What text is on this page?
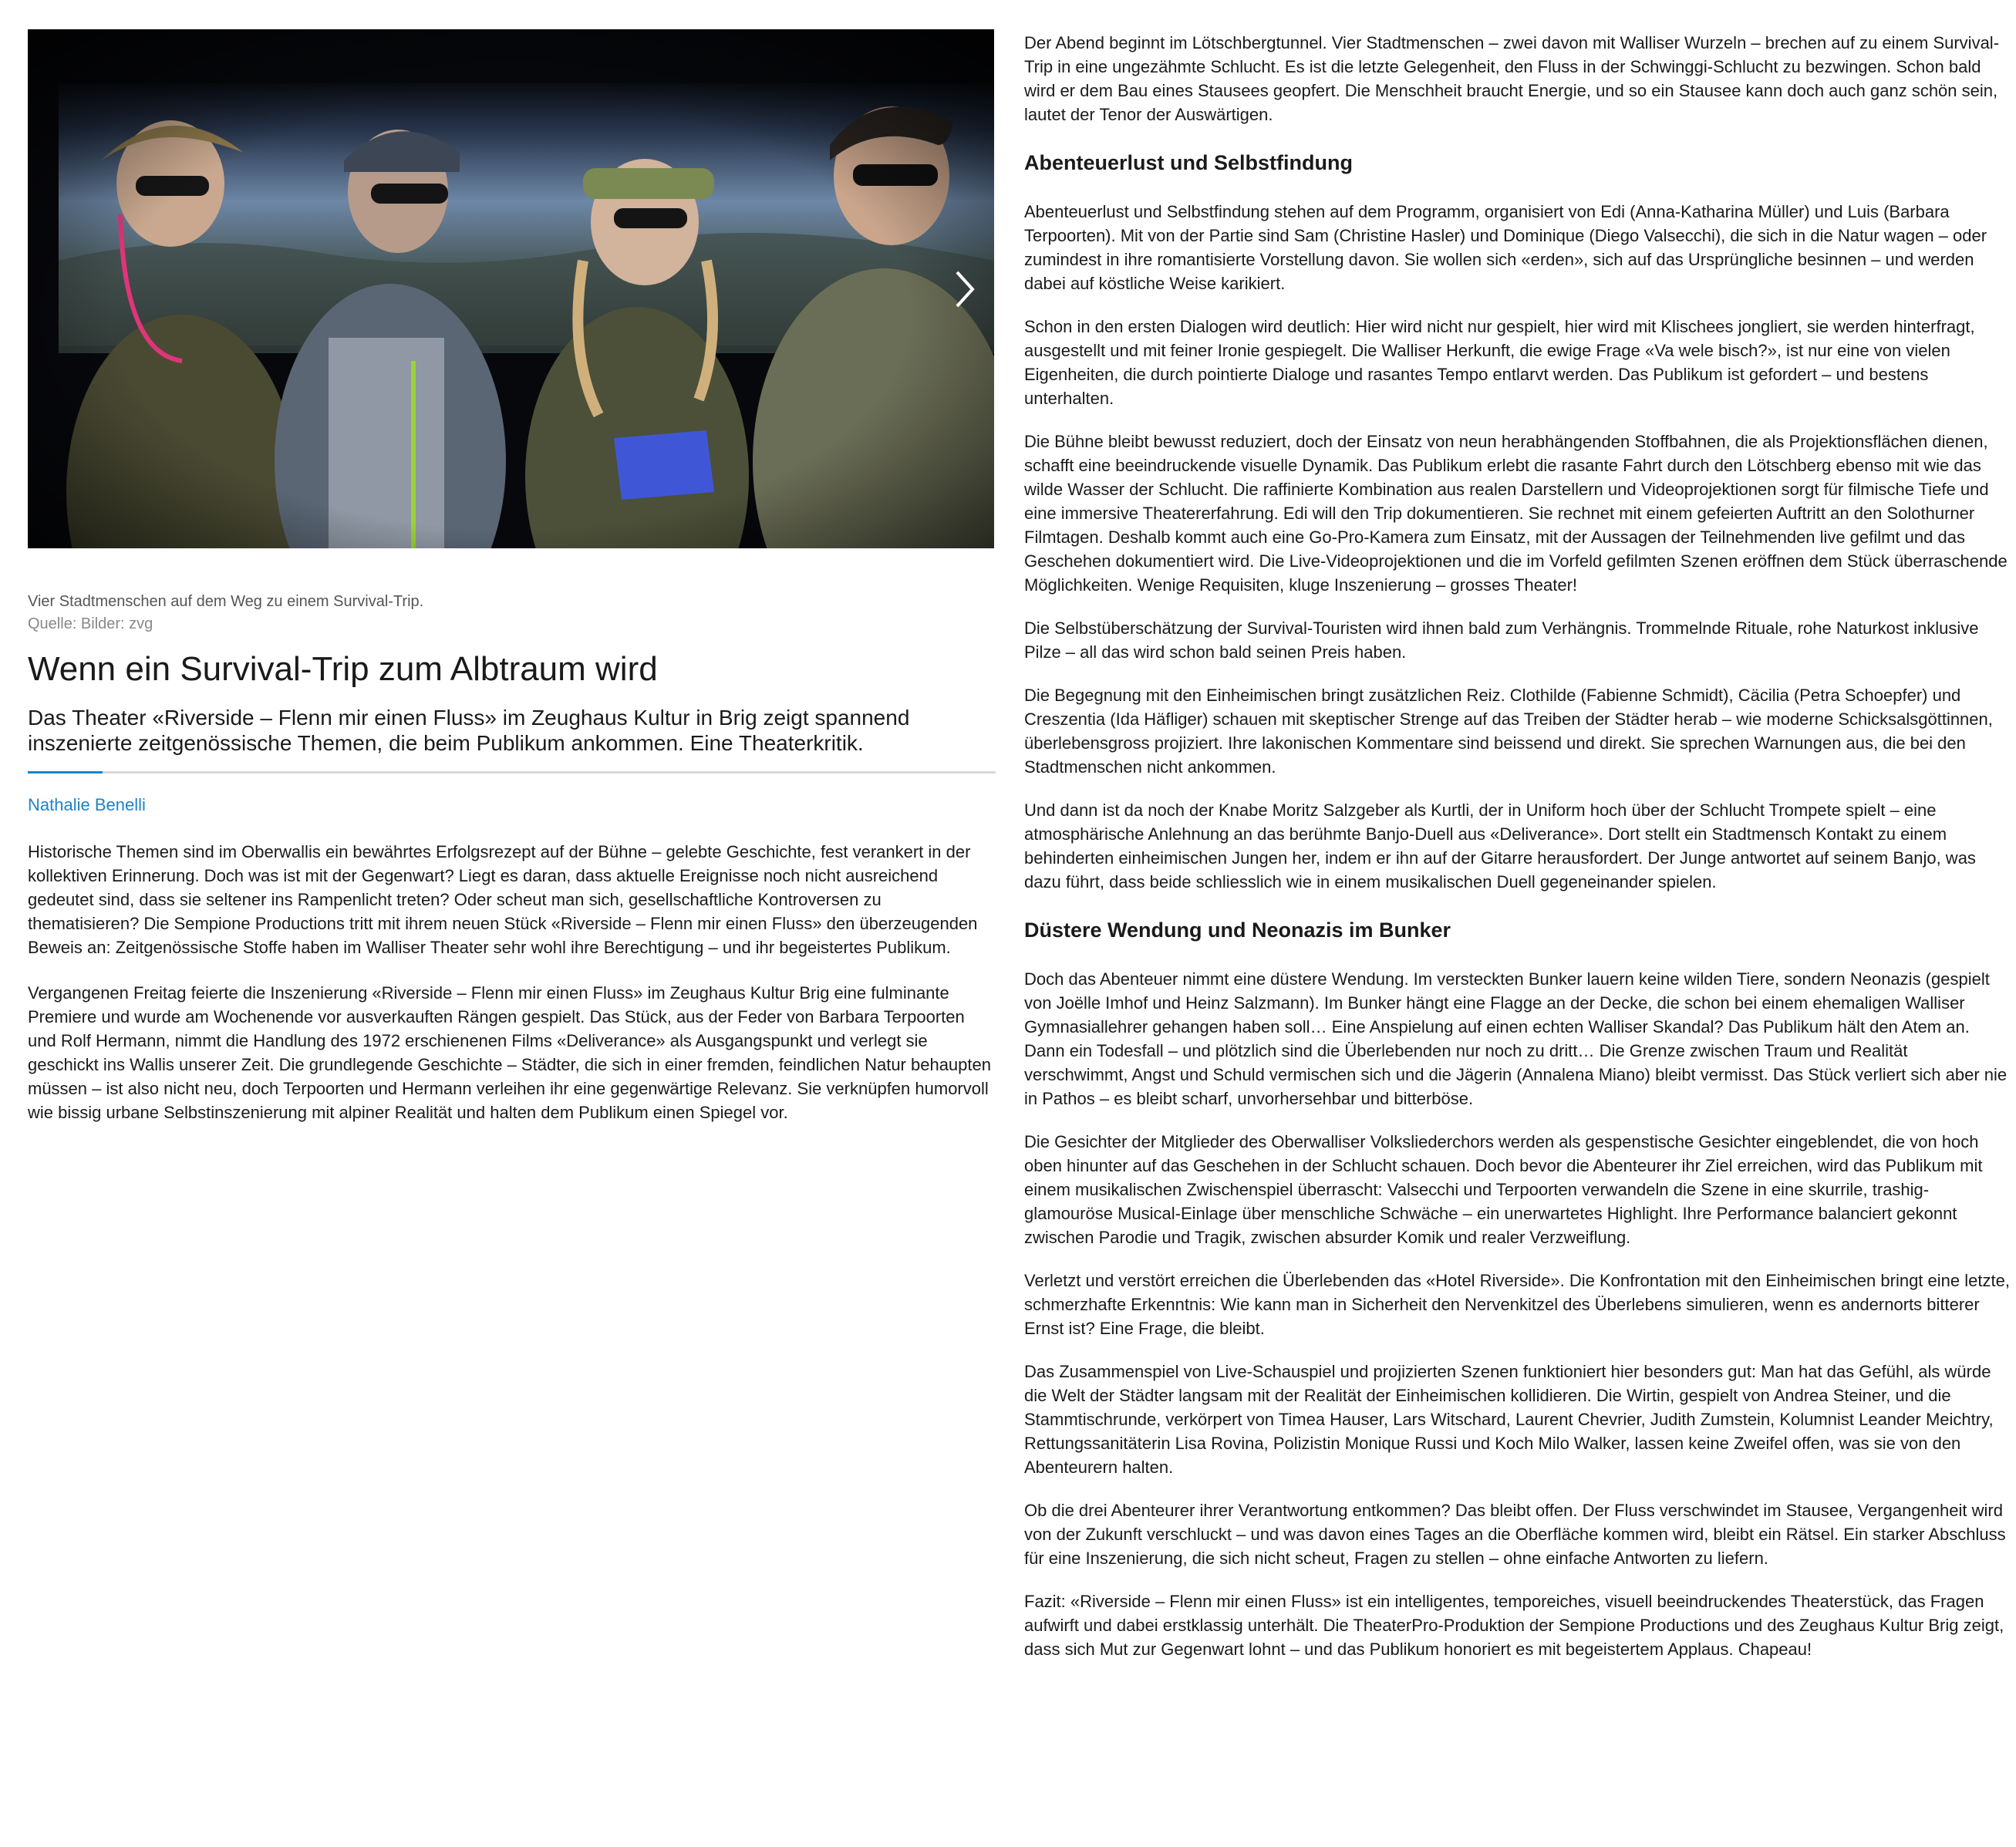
Vier Stadtmenschen auf dem Weg zu einem Survival-Trip.
Quelle: Bilder: zvg
Wenn ein Survival-Trip zum Albtraum wird
Das Theater «Riverside – Flenn mir einen Fluss» im Zeughaus Kultur in Brig zeigt spannend inszenierte zeitgenössische Themen, die beim Publikum ankommen. Eine Theaterkritik.
Nathalie Benelli

Historische Themen sind im Oberwallis ein bewährtes Erfolgsrezept auf der Bühne – gelebte Geschichte, fest verankert in der kollektiven Erinnerung. Doch was ist mit der Gegenwart? Liegt es daran, dass aktuelle Ereignisse noch nicht ausreichend gedeutet sind, dass sie seltener ins Rampenlicht treten? Oder scheut man sich, gesellschaftliche Kontroversen zu thematisieren? Die Sempione Productions tritt mit ihrem neuen Stück «Riverside – Flenn mir einen Fluss» den überzeugenden Beweis an: Zeitgenössische Stoffe haben im Walliser Theater sehr wohl ihre Berechtigung – und ihr begeistertes Publikum.

Vergangenen Freitag feierte die Inszenierung «Riverside – Flenn mir einen Fluss» im Zeughaus Kultur Brig eine fulminante Premiere und wurde am Wochenende vor ausverkauften Rängen gespielt. Das Stück, aus der Feder von Barbara Terpoorten und Rolf Hermann, nimmt die Handlung des 1972 erschienenen Films «Deliverance» als Ausgangspunkt und verlegt sie geschickt ins Wallis unserer Zeit. Die grundlegende Geschichte – Städter, die sich in einer fremden, feindlichen Natur behaupten müssen – ist also nicht neu, doch Terpoorten und Hermann verleihen ihr eine gegenwärtige Relevanz. Sie verknüpfen humorvoll wie bissig urbane Selbstinszenierung mit alpiner Realität und halten dem Publikum einen Spiegel vor.

Der Abend beginnt im Lötschbergtunnel. Vier Stadtmenschen – zwei davon mit Walliser Wurzeln – brechen auf zu einem Survival-Trip in eine ungezähmte Schlucht. Es ist die letzte Gelegenheit, den Fluss in der Schwinggi-Schlucht zu bezwingen. Schon bald wird er dem Bau eines Stausees geopfert. Die Menschheit braucht Energie, und so ein Stausee kann doch auch ganz schön sein, lautet der Tenor der Auswärtigen.

Abenteuerlust und Selbstfindung

Abenteuerlust und Selbstfindung stehen auf dem Programm, organisiert von Edi (Anna-Katharina Müller) und Luis (Barbara Terpoorten). Mit von der Partie sind Sam (Christine Hasler) und Dominique (Diego Valsecchi), die sich in die Natur wagen – oder zumindest in ihre romantisierte Vorstellung davon. Sie wollen sich «erden», sich auf das Ursprüngliche besinnen – und werden dabei auf köstliche Weise karikiert.

Schon in den ersten Dialogen wird deutlich: Hier wird nicht nur gespielt, hier wird mit Klischees jongliert, sie werden hinterfragt, ausgestellt und mit feiner Ironie gespiegelt. Die Walliser Herkunft, die ewige Frage «Va wele bisch?», ist nur eine von vielen Eigenheiten, die durch pointierte Dialoge und rasantes Tempo entlarvt werden. Das Publikum ist gefordert – und bestens unterhalten.

Die Bühne bleibt bewusst reduziert, doch der Einsatz von neun herabhängenden Stoffbahnen, die als Projektionsflächen dienen, schafft eine beeindruckende visuelle Dynamik. Das Publikum erlebt die rasante Fahrt durch den Lötschberg ebenso mit wie das wilde Wasser der Schlucht. Die raffinierte Kombination aus realen Darstellern und Videoprojektionen sorgt für filmische Tiefe und eine immersive Theatererfahrung. Edi will den Trip dokumentieren. Sie rechnet mit einem gefeierten Auftritt an den Solothurner Filmtagen. Deshalb kommt auch eine Go-Pro-Kamera zum Einsatz, mit der Aussagen der Teilnehmenden live gefilmt und das Geschehen dokumentiert wird. Die Live-Videoprojektionen und die im Vorfeld gefilmten Szenen eröffnen dem Stück überraschende Möglichkeiten. Wenige Requisiten, kluge Inszenierung – grosses Theater!

Die Selbstüberschätzung der Survival-Touristen wird ihnen bald zum Verhängnis. Trommelnde Rituale, rohe Naturkost inklusive Pilze – all das wird schon bald seinen Preis haben.

Die Begegnung mit den Einheimischen bringt zusätzlichen Reiz. Clothilde (Fabienne Schmidt), Cäcilia (Petra Schoepfer) und Creszentia (Ida Häfliger) schauen mit skeptischer Strenge auf das Treiben der Städter herab – wie moderne Schicksalsgöttinnen, überlebensgross projiziert. Ihre lakonischen Kommentare sind beissend und direkt. Sie sprechen Warnungen aus, die bei den Stadtmenschen nicht ankommen.

Und dann ist da noch der Knabe Moritz Salzgeber als Kurtli, der in Uniform hoch über der Schlucht Trompete spielt – eine atmosphärische Anlehnung an das berühmte Banjo-Duell aus «Deliverance». Dort stellt ein Stadtmensch Kontakt zu einem behinderten einheimischen Jungen her, indem er ihn auf der Gitarre herausfordert. Der Junge antwortet auf seinem Banjo, was dazu führt, dass beide schliesslich wie in einem musikalischen Duell gegeneinander spielen.

Düstere Wendung und Neonazis im Bunker

Doch das Abenteuer nimmt eine düstere Wendung. Im versteckten Bunker lauern keine wilden Tiere, sondern Neonazis (gespielt von Joëlle Imhof und Heinz Salzmann). Im Bunker hängt eine Flagge an der Decke, die schon bei einem ehemaligen Walliser Gymnasiallehrer gehangen haben soll… Eine Anspielung auf einen echten Walliser Skandal? Das Publikum hält den Atem an. Dann ein Todesfall – und plötzlich sind die Überlebenden nur noch zu dritt… Die Grenze zwischen Traum und Realität verschwimmt, Angst und Schuld vermischen sich und die Jägerin (Annalena Miano) bleibt vermisst. Das Stück verliert sich aber nie in Pathos – es bleibt scharf, unvorhersehbar und bitterböse.

Die Gesichter der Mitglieder des Oberwalliser Volksliederchors werden als gespenstische Gesichter eingeblendet, die von hoch oben hinunter auf das Geschehen in der Schlucht schauen. Doch bevor die Abenteurer ihr Ziel erreichen, wird das Publikum mit einem musikalischen Zwischenspiel überrascht: Valsecchi und Terpoorten verwandeln die Szene in eine skurrile, trashig-glamouröse Musical-Einlage über menschliche Schwäche – ein unerwartetes Highlight. Ihre Performance balanciert gekonnt zwischen Parodie und Tragik, zwischen absurder Komik und realer Verzweiflung.

Verletzt und verstört erreichen die Überlebenden das «Hotel Riverside». Die Konfrontation mit den Einheimischen bringt eine letzte, schmerzhafte Erkenntnis: Wie kann man in Sicherheit den Nervenkitzel des Überlebens simulieren, wenn es andernorts bitterer Ernst ist? Eine Frage, die bleibt.

Das Zusammenspiel von Live-Schauspiel und projizierten Szenen funktioniert hier besonders gut: Man hat das Gefühl, als würde die Welt der Städter langsam mit der Realität der Einheimischen kollidieren. Die Wirtin, gespielt von Andrea Steiner, und die Stammtischrunde, verkörpert von Timea Hauser, Lars Witschard, Laurent Chevrier, Judith Zumstein, Kolumnist Leander Meichtry, Rettungssanitäterin Lisa Rovina, Polizistin Monique Russi und Koch Milo Walker, lassen keine Zweifel offen, was sie von den Abenteurern halten.

Ob die drei Abenteurer ihrer Verantwortung entkommen? Das bleibt offen. Der Fluss verschwindet im Stausee, Vergangenheit wird von der Zukunft verschluckt – und was davon eines Tages an die Oberfläche kommen wird, bleibt ein Rätsel. Ein starker Abschluss für eine Inszenierung, die sich nicht scheut, Fragen zu stellen – ohne einfache Antworten zu liefern.

Fazit: «Riverside – Flenn mir einen Fluss» ist ein intelligentes, temporeiches, visuell beeindruckendes Theaterstück, das Fragen aufwirft und dabei erstklassig unterhält. Die TheaterPro-Produktion der Sempione Productions und des Zeughaus Kultur Brig zeigt, dass sich Mut zur Gegenwart lohnt – und das Publikum honoriert es mit begeistertem Applaus. Chapeau!
